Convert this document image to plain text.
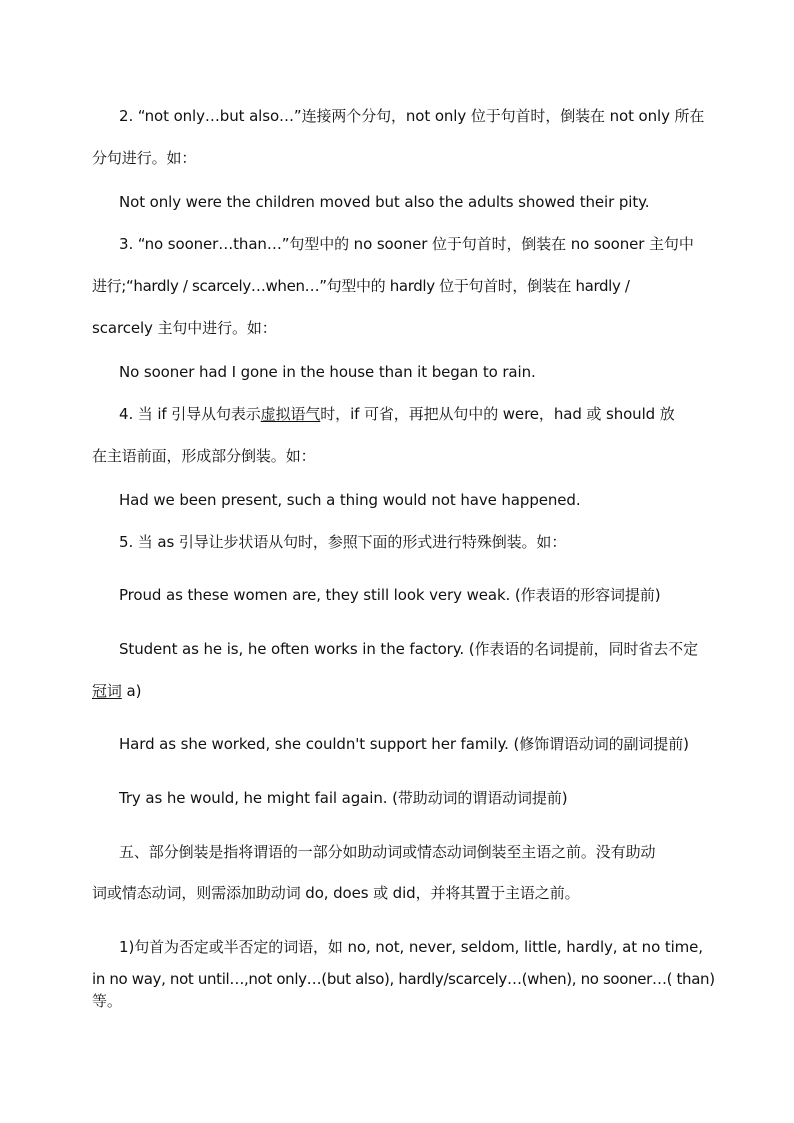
2. “not only…but also…”连接两个分句，not only 位于句首时，倒装在 not only 所在
分句进行。如：
Not only were the children moved but also the adults showed their pity.
3. “no sooner…than…”句型中的 no sooner 位于句首时，倒装在 no sooner 主句中
进行;“hardly / scarcely…when…”句型中的 hardly 位于句首时，倒装在 hardly /
scarcely 主句中进行。如：
No sooner had I gone in the house than it began to rain.
4. 当 if 引导从句表示虚拟语气时，if 可省，再把从句中的 were，had 或 should 放
在主语前面，形成部分倒装。如：
Had we been present, such a thing would not have happened.
5. 当 as 引导让步状语从句时，参照下面的形式进行特殊倒装。如：
Proud as these women are, they still look very weak. (作表语的形容词提前)
Student as he is, he often works in the factory. (作表语的名词提前，同时省去不定
冠词 a)
Hard as she worked, she couldn't support her family. (修饰谓语动词的副词提前)
Try as he would, he might fail again. (带助动词的谓语动词提前)
五、部分倒装是指将谓语的一部分如助动词或情态动词倒装至主语之前。没有助动
词或情态动词，则需添加助动词 do, does 或 did，并将其置于主语之前。
1)句首为否定或半否定的词语，如 no, not, never, seldom, little, hardly, at no time,
in no way, not until…,not only…(but also), hardly/scarcely…(when), no sooner…( than)
等。
